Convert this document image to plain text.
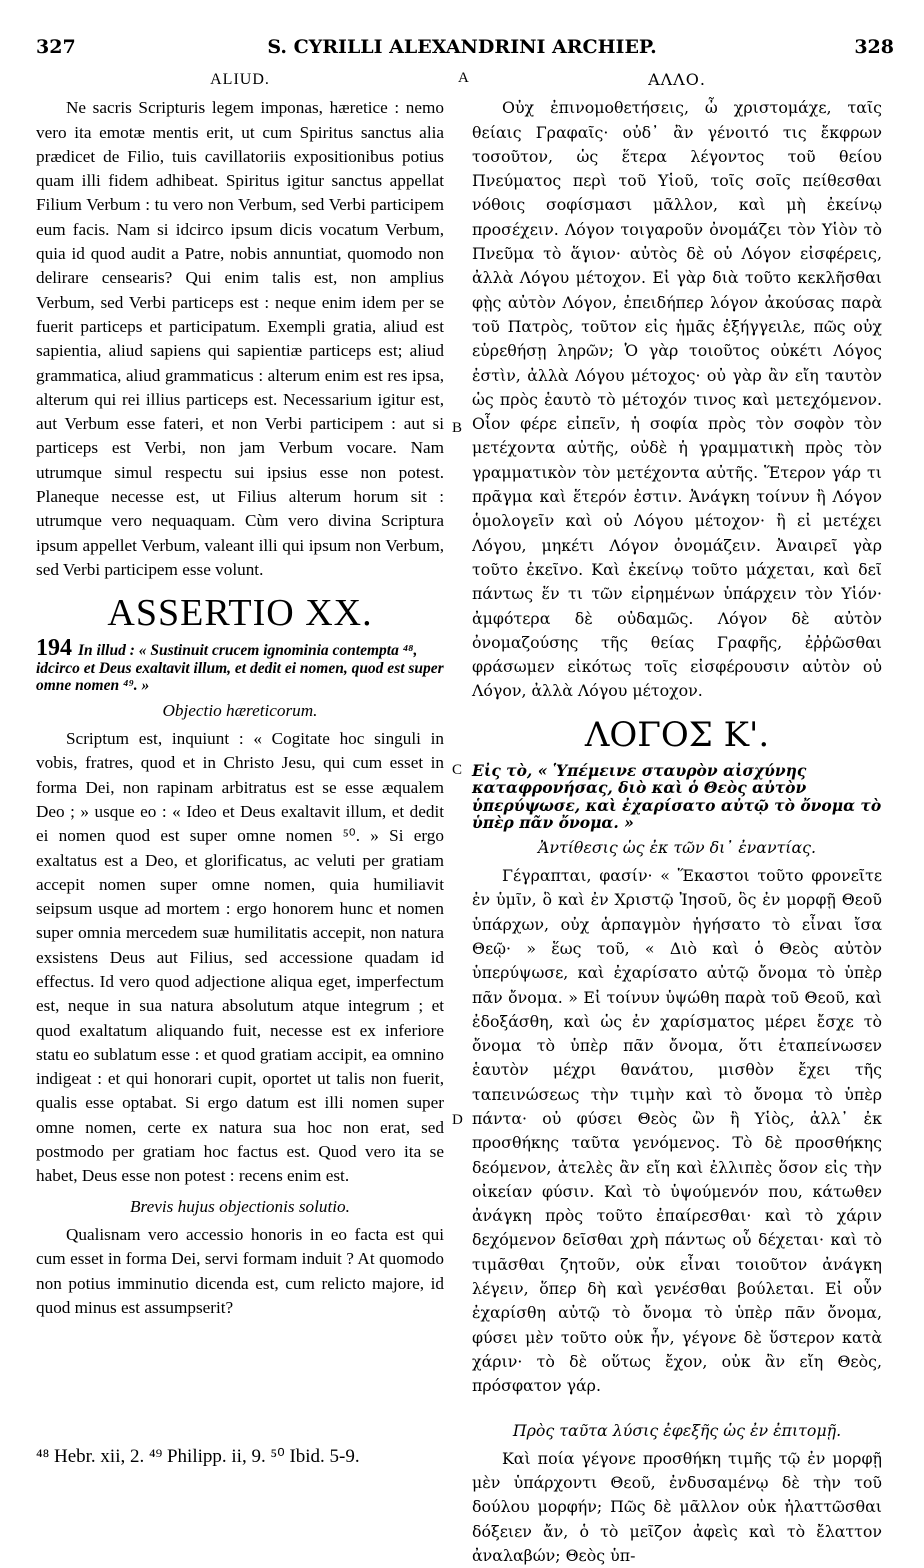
327	S. CYRILLI ALEXANDRINI ARCHIEP.	328
A
B
C
D
ALIUD.

Ne sacris Scripturis legem imponas, hæretice : nemo vero ita emotæ mentis erit, ut cum Spiritus sanctus alia prædicet de Filio, tuis cavillatoriis expositionibus potius quam illi fidem adhibeat. Spiritus igitur sanctus appellat Filium Verbum : tu vero non Verbum, sed Verbi participem eum facis. Nam si idcirco ipsum dicis vocatum Verbum, quia id quod audit a Patre, nobis annuntiat, quomodo non delirare censearis? Qui enim talis est, non amplius Verbum, sed Verbi particeps est : neque enim idem per se fuerit particeps et participatum. Exempli gratia, aliud est sapientia, aliud sapiens qui sapientiæ particeps est; aliud grammatica, aliud grammaticus : alterum enim est res ipsa, alterum qui rei illius particeps est. Necessarium igitur est, aut Verbum esse fateri, et non Verbi participem : aut si particeps est Verbi, non jam Verbum vocare. Nam utrumque simul respectu sui ipsius esse non potest. Planeque necesse est, ut Filius alterum horum sit : utrumque vero nequaquam. Cùm vero divina Scriptura ipsum appellet Verbum, valeant illi qui ipsum non Verbum, sed Verbi participem esse volunt.

ASSERTIO XX.
194 In illud : « Sustinuit crucem ignominia contempta ⁴⁸, idcirco et Deus exaltavit illum, et dedit ei nomen, quod est super omne nomen ⁴⁹. »
Objectio hæreticorum.

Scriptum est, inquiunt : « Cogitate hoc singuli in vobis, fratres, quod et in Christo Jesu, qui cum esset in forma Dei, non rapinam arbitratus est se esse æqualem Deo ; » usque eo : « Ideo et Deus exaltavit illum, et dedit ei nomen quod est super omne nomen ⁵⁰. » Si ergo exaltatus est a Deo, et glorificatus, ac veluti per gratiam accepit nomen super omne nomen, quia humiliavit seipsum usque ad mortem : ergo honorem hunc et nomen super omnia mercedem suæ humilitatis accepit, non natura exsistens Deus aut Filius, sed accessione quadam id effectus. Id vero quod adjectione aliqua eget, imperfectum est, neque in sua natura absolutum atque integrum ; et quod exaltatum aliquando fuit, necesse est ex inferiore statu eo sublatum esse : et quod gratiam accipit, ea omnino indigeat : et qui honorari cupit, oportet ut talis non fuerit, qualis esse optabat. Si ergo datum est illi nomen super omne nomen, certe ex natura sua hoc non erat, sed postmodo per gratiam hoc factus est. Quod vero ita se habet, Deus esse non potest : recens enim est.

Brevis hujus objectionis solutio.

Qualisnam vero accessio honoris in eo facta est qui cum esset in forma Dei, servi formam induit ? At quomodo non potius imminutio dicenda est, cum relicto majore, id quod minus est assumpserit?

ΑΛΛΟ.

Οὐχ ἐπινομοθετήσεις, ὦ χριστομάχε, ταῖς θείαις Γραφαῖς· οὐδ᾽ ἂν γένοιτό τις ἔκφρων τοσοῦτον, ὡς ἕτερα λέγοντος τοῦ θείου Πνεύματος περὶ τοῦ Υἱοῦ, τοῖς σοῖς πείθεσθαι νόθοις σοφίσμασι μᾶλλον, καὶ μὴ ἐκείνῳ προσέχειν. Λόγον τοιγαροῦν ὀνομάζει τὸν Υἱὸν τὸ Πνεῦμα τὸ ἅγιον· αὐτὸς δὲ οὐ Λόγον εἰσφέρεις, ἀλλὰ Λόγου μέτοχον. Εἰ γὰρ διὰ τοῦτο κεκλῆσθαι φῂς αὐτὸν Λόγον, ἐπειδήπερ λόγον ἀκούσας παρὰ τοῦ Πατρὸς, τοῦτον εἰς ἡμᾶς ἐξήγγειλε, πῶς οὐχ εὑρεθήσῃ ληρῶν; Ὁ γὰρ τοιοῦτος οὐκέτι Λόγος ἐστὶν, ἀλλὰ Λόγου μέτοχος· οὐ γὰρ ἂν εἴη ταυτὸν ὡς πρὸς ἑαυτὸ τὸ μέτοχόν τινος καὶ μετεχόμενον. Οἷον φέρε εἰπεῖν, ἡ σοφία πρὸς τὸν σοφὸν τὸν μετέχοντα αὐτῆς, οὐδὲ ἡ γραμματικὴ πρὸς τὸν γραμματικὸν τὸν μετέχοντα αὐτῆς. Ἕτερον γάρ τι πρᾶγμα καὶ ἕτερόν ἐστιν. Ἀνάγκη τοίνυν ἢ Λόγον ὁμολογεῖν καὶ οὐ Λόγου μέτοχον· ἢ εἰ μετέχει Λόγου, μηκέτι Λόγον ὀνομάζειν. Ἀναιρεῖ γὰρ τοῦτο ἐκεῖνο. Καὶ ἐκείνῳ τοῦτο μάχεται, καὶ δεῖ πάντως ἕν τι τῶν εἰρημένων ὑπάρχειν τὸν Υἱόν· ἀμφότερα δὲ οὐδαμῶς. Λόγον δὲ αὐτὸν ὀνομαζούσης τῆς θείας Γραφῆς, ἐῤῥῶσθαι φράσωμεν εἰκότως τοῖς εἰσφέρουσιν αὐτὸν οὐ Λόγον, ἀλλὰ Λόγου μέτοχον.

ΛΟΓΟΣ Κ'.
Εἰς τὸ, « Ὑπέμεινε σταυρὸν αἰσχύνης καταφρονήσας, διὸ καὶ ὁ Θεὸς αὐτὸν ὑπερύψωσε, καὶ ἐχαρίσατο αὐτῷ τὸ ὄνομα τὸ ὑπὲρ πᾶν ὄνομα. »
Ἀντίθεσις ὡς ἐκ τῶν δι᾽ ἐναντίας.

Γέγραπται, φασίν· « Ἕκαστοι τοῦτο φρονεῖτε ἐν ὑμῖν, ὃ καὶ ἐν Χριστῷ Ἰησοῦ, ὃς ἐν μορφῇ Θεοῦ ὑπάρχων, οὐχ ἁρπαγμὸν ἡγήσατο τὸ εἶναι ἴσα Θεῷ· » ἕως τοῦ, « Διὸ καὶ ὁ Θεὸς αὐτὸν ὑπερύψωσε, καὶ ἐχαρίσατο αὐτῷ ὄνομα τὸ ὑπὲρ πᾶν ὄνομα. » Εἰ τοίνυν ὑψώθη παρὰ τοῦ Θεοῦ, καὶ ἐδοξάσθη, καὶ ὡς ἐν χαρίσματος μέρει ἔσχε τὸ ὄνομα τὸ ὑπὲρ πᾶν ὄνομα, ὅτι ἐταπείνωσεν ἑαυτὸν μέχρι θανάτου, μισθὸν ἔχει τῆς ταπεινώσεως τὴν τιμὴν καὶ τὸ ὄνομα τὸ ὑπὲρ πάντα· οὐ φύσει Θεὸς ὢν ἢ Υἱὸς, ἀλλ᾽ ἐκ προσθήκης ταῦτα γενόμενος. Τὸ δὲ προσθήκης δεόμενον, ἀτελὲς ἂν εἴη καὶ ἐλλιπὲς ὅσον εἰς τὴν οἰκείαν φύσιν. Καὶ τὸ ὑψούμενόν που, κάτωθεν ἀνάγκη πρὸς τοῦτο ἐπαίρεσθαι· καὶ τὸ χάριν δεχόμενον δεῖσθαι χρὴ πάντως οὗ δέχεται· καὶ τὸ τιμᾶσθαι ζητοῦν, οὐκ εἶναι τοιοῦτον ἀνάγκη λέγειν, ὅπερ δὴ καὶ γενέσθαι βούλεται. Εἰ οὖν ἐχαρίσθη αὐτῷ τὸ ὄνομα τὸ ὑπὲρ πᾶν ὄνομα, φύσει μὲν τοῦτο οὐκ ἦν, γέγονε δὲ ὕστερον κατὰ χάριν· τὸ δὲ οὕτως ἔχον, οὐκ ἂν εἴη Θεὸς, πρόσφατον γάρ.

Πρὸς ταῦτα λύσις ἐφεξῆς ὡς ἐν ἐπιτομῇ.

Καὶ ποία γέγονε προσθήκη τιμῆς τῷ ἐν μορφῇ μὲν ὑπάρχοντι Θεοῦ, ἐνδυσαμένῳ δὲ τὴν τοῦ δούλου μορφήν; Πῶς δὲ μᾶλλον οὐκ ἠλαττῶσθαι δόξειεν ἄν, ὁ τὸ μεῖζον ἀφεὶς καὶ τὸ ἔλαττον ἀναλαβών; Θεὸς ὑπ-

⁴⁸ Hebr. xii, 2. ⁴⁹ Philipp. ii, 9. ⁵⁰ Ibid. 5-9.
